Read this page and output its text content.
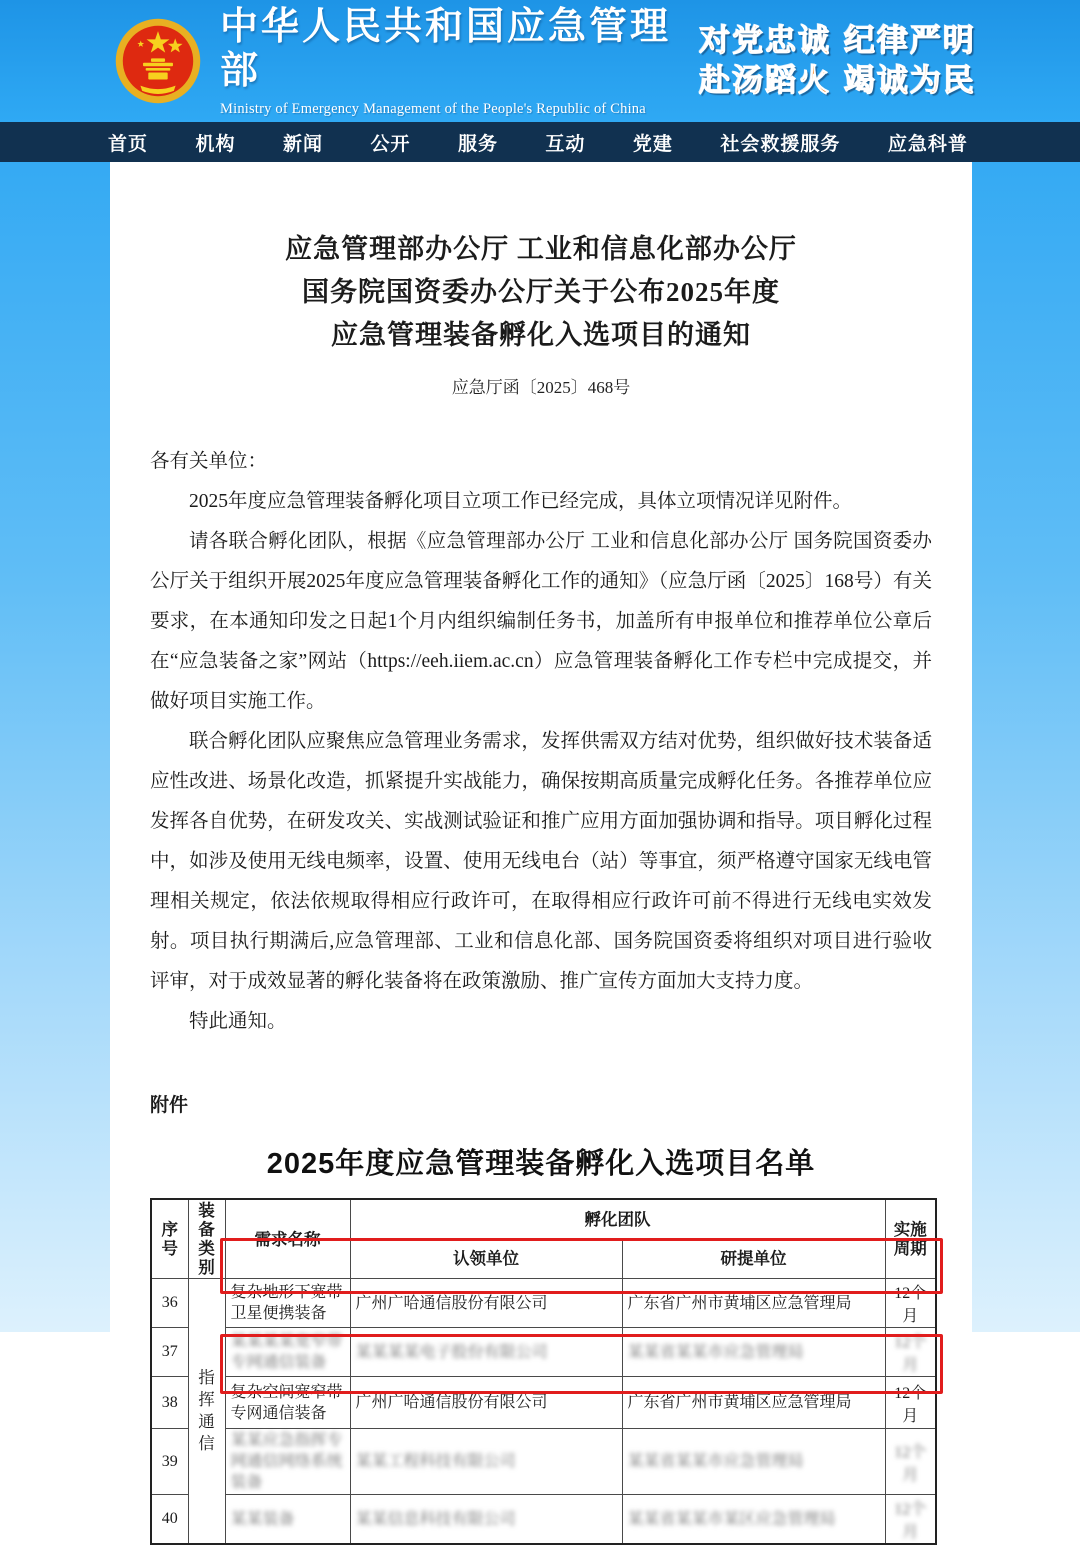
中华人民共和国应急管理部
Ministry of Emergency Management of the People's Republic of China
对党忠诚 纪律严明
赴汤蹈火 竭诚为民
首页 机构 新闻 公开 服务 互动 党建 社会救援服务 应急科普
应急管理部办公厅 工业和信息化部办公厅
国务院国资委办公厅关于公布2025年度
应急管理装备孵化入选项目的通知
应急厅函〔2025〕468号

各有关单位：

2025年度应急管理装备孵化项目立项工作已经完成，具体立项情况详见附件。

请各联合孵化团队，根据《应急管理部办公厅 工业和信息化部办公厅 国务院国资委办公厅关于组织开展2025年度应急管理装备孵化工作的通知》（应急厅函〔2025〕168号）有关要求，在本通知印发之日起1个月内组织编制任务书，加盖所有申报单位和推荐单位公章后在“应急装备之家”网站（https://eeh.iiem.ac.cn）应急管理装备孵化工作专栏中完成提交，并做好项目实施工作。

联合孵化团队应聚焦应急管理业务需求，发挥供需双方结对优势，组织做好技术装备适应性改进、场景化改造，抓紧提升实战能力，确保按期高质量完成孵化任务。各推荐单位应发挥各自优势，在研发攻关、实战测试验证和推广应用方面加强协调和指导。项目孵化过程中，如涉及使用无线电频率，设置、使用无线电台（站）等事宜，须严格遵守国家无线电管理相关规定，依法依规取得相应行政许可，在取得相应行政许可前不得进行无线电实效发射。项目执行期满后,应急管理部、工业和信息化部、国务院国资委将组织对项目进行验收评审，对于成效显著的孵化装备将在政策激励、推广宣传方面加大支持力度。

特此通知。

附件
2025年度应急管理装备孵化入选项目名单
序号	装备类别	需求名称	孵化团队		实施周期
			认领单位	研提单位	
36	指挥通信	复杂地形下宽带卫星便携装备	广州广哈通信股份有限公司	广东省广州市黄埔区应急管理局	12个月
37		某某某某宽窄带专网通信装备	某某某某电子股份有限公司	某某省某某市应急管理局	12个月
38		复杂空间宽窄带专网通信装备	广州广哈通信股份有限公司	广东省广州市黄埔区应急管理局	12个月
39		某某应急指挥专网通信网络系统装备	某某工程科技有限公司	某某省某某市应急管理局	12个月
40		某某装备	某某信息科技有限公司	某某省某某市某区应急管理局	12个月
